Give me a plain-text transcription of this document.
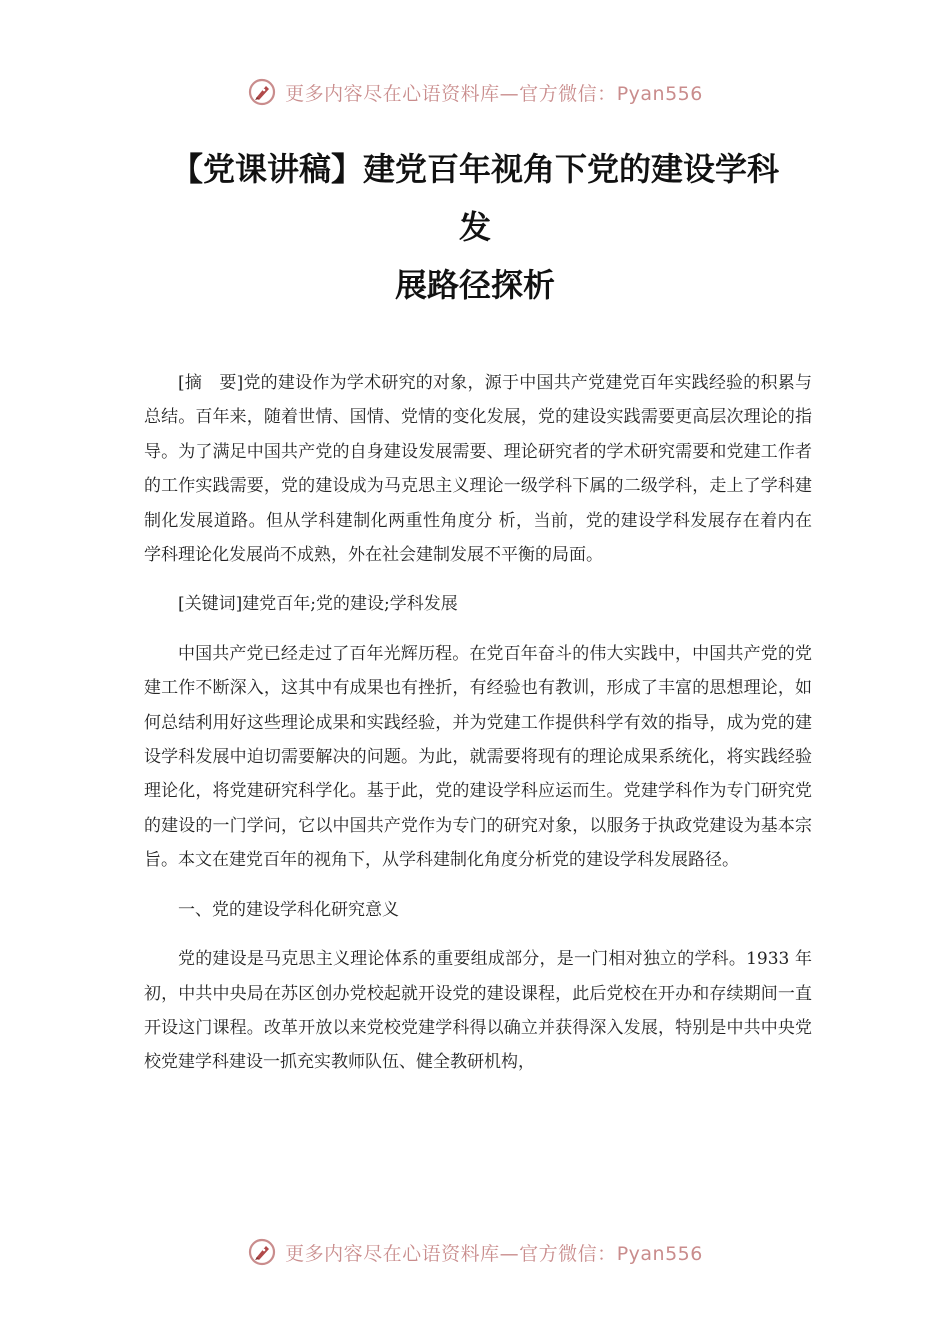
更多内容尽在心语资料库—官方微信：Pyan556
【党课讲稿】建党百年视角下党的建设学科
发
展路径探析

[摘　要]党的建设作为学术研究的对象，源于中国共产党建党百年实践经验的积累与总结。百年来，随着世情、国情、党情的变化发展，党的建设实践需要更高层次理论的指导。为了满足中国共产党的自身建设发展需要、理论研究者的学术研究需要和党建工作者的工作实践需要，党的建设成为马克思主义理论一级学科下属的二级学科，走上了学科建制化发展道路。但从学科建制化两重性角度分 析，当前，党的建设学科发展存在着内在学科理论化发展尚不成熟，外在社会建制发展不平衡的局面。

[关键词]建党百年;党的建设;学科发展

中国共产党已经走过了百年光辉历程。在党百年奋斗的伟大实践中，中国共产党的党建工作不断深入，这其中有成果也有挫折，有经验也有教训，形成了丰富的思想理论，如何总结利用好这些理论成果和实践经验，并为党建工作提供科学有效的指导，成为党的建设学科发展中迫切需要解决的问题。为此，就需要将现有的理论成果系统化，将实践经验理论化，将党建研究科学化。基于此，党的建设学科应运而生。党建学科作为专门研究党的建设的一门学问，它以中国共产党作为专门的研究对象，以服务于执政党建设为基本宗旨。本文在建党百年的视角下，从学科建制化角度分析党的建设学科发展路径。

一、党的建设学科化研究意义

党的建设是马克思主义理论体系的重要组成部分，是一门相对独立的学科。1933 年初，中共中央局在苏区创办党校起就开设党的建设课程，此后党校在开办和存续期间一直开设这门课程。改革开放以来党校党建学科得以确立并获得深入发展，特别是中共中央党校党建学科建设一抓充实教师队伍、健全教研机构，

更多内容尽在心语资料库—官方微信：Pyan556
